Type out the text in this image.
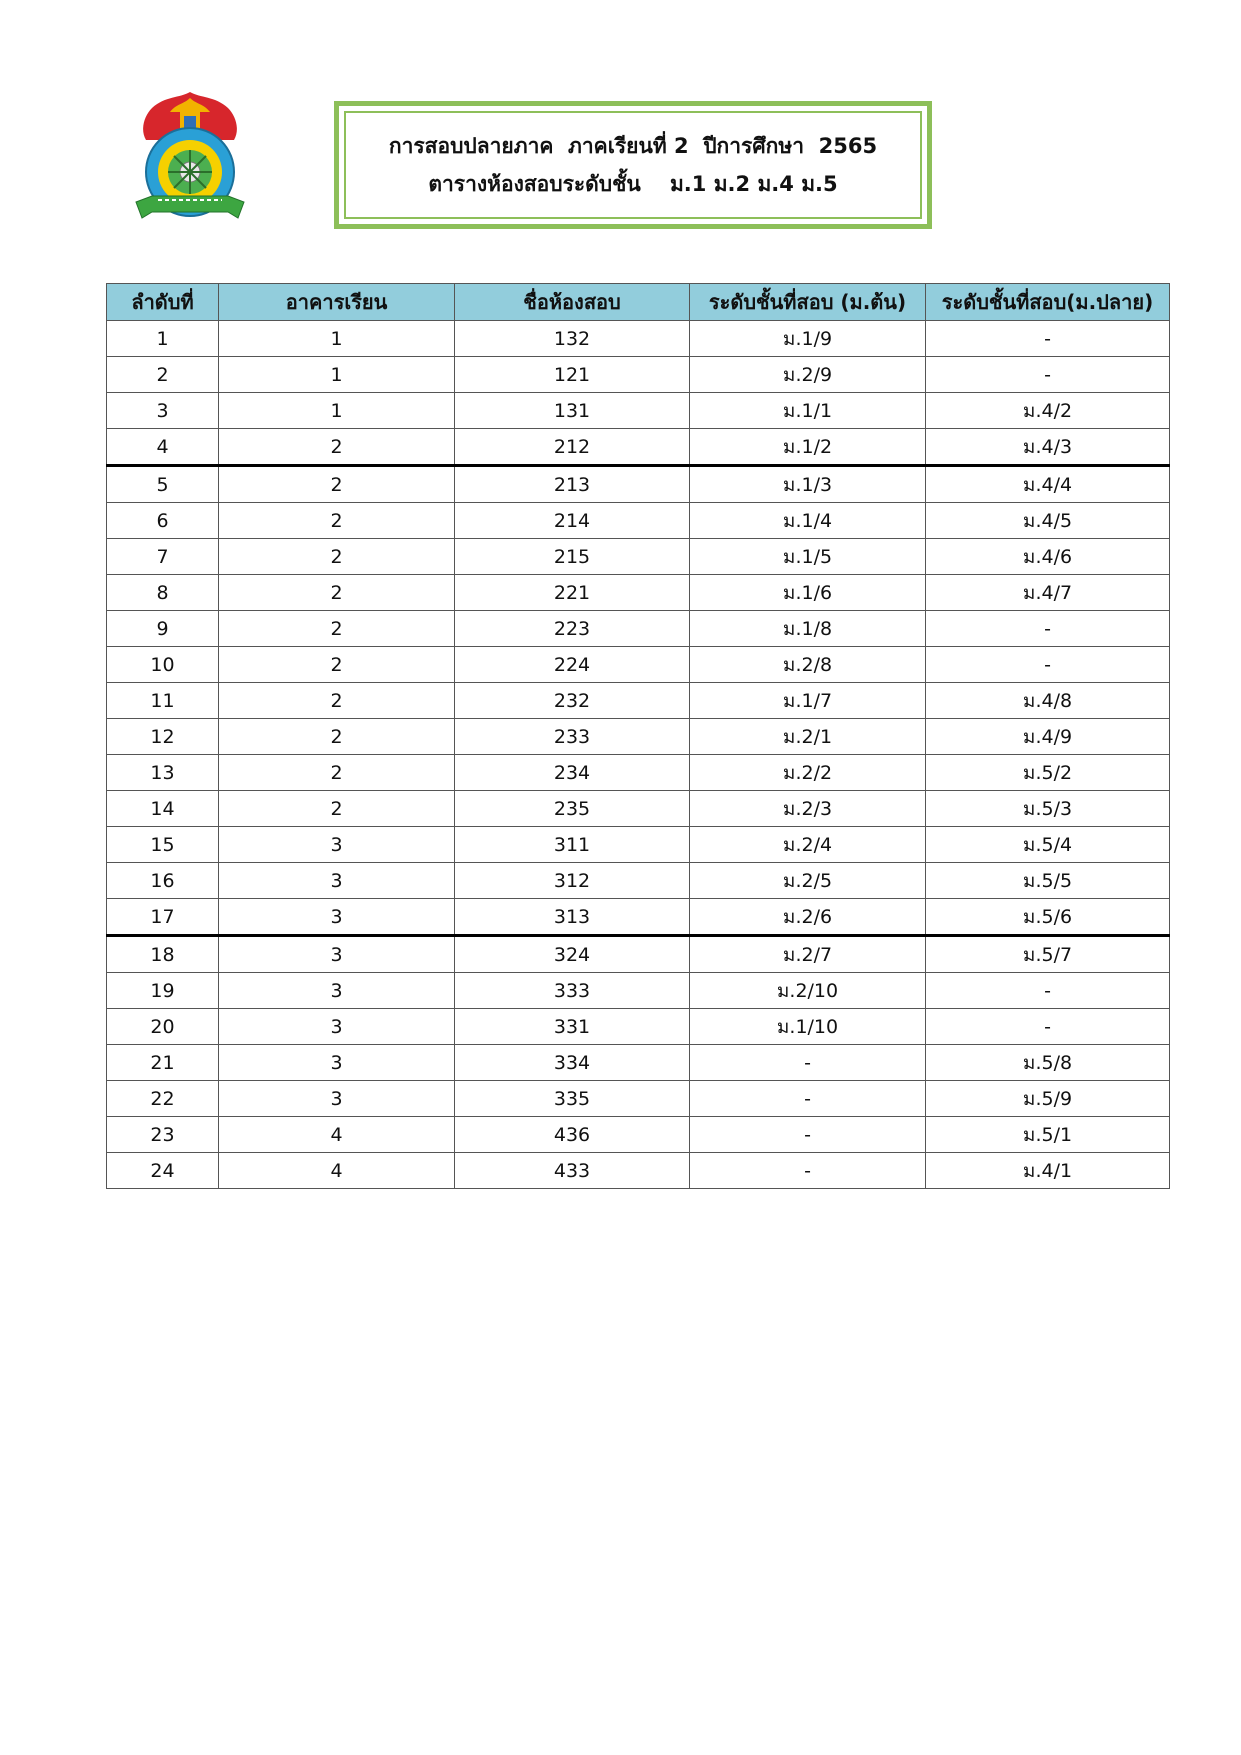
การสอบปลายภาค  ภาคเรียนที่ 2  ปีการศึกษา  2565
ตารางห้องสอบระดับชั้น    ม.1 ม.2 ม.4 ม.5
ลำดับที่	อาคารเรียน	ชื่อห้องสอบ	ระดับชั้นที่สอบ (ม.ต้น)	ระดับชั้นที่สอบ(ม.ปลาย)
1	1	132	ม.1/9	-
2	1	121	ม.2/9	-
3	1	131	ม.1/1	ม.4/2
4	2	212	ม.1/2	ม.4/3
5	2	213	ม.1/3	ม.4/4
6	2	214	ม.1/4	ม.4/5
7	2	215	ม.1/5	ม.4/6
8	2	221	ม.1/6	ม.4/7
9	2	223	ม.1/8	-
10	2	224	ม.2/8	-
11	2	232	ม.1/7	ม.4/8
12	2	233	ม.2/1	ม.4/9
13	2	234	ม.2/2	ม.5/2
14	2	235	ม.2/3	ม.5/3
15	3	311	ม.2/4	ม.5/4
16	3	312	ม.2/5	ม.5/5
17	3	313	ม.2/6	ม.5/6
18	3	324	ม.2/7	ม.5/7
19	3	333	ม.2/10	-
20	3	331	ม.1/10	-
21	3	334	-	ม.5/8
22	3	335	-	ม.5/9
23	4	436	-	ม.5/1
24	4	433	-	ม.4/1
